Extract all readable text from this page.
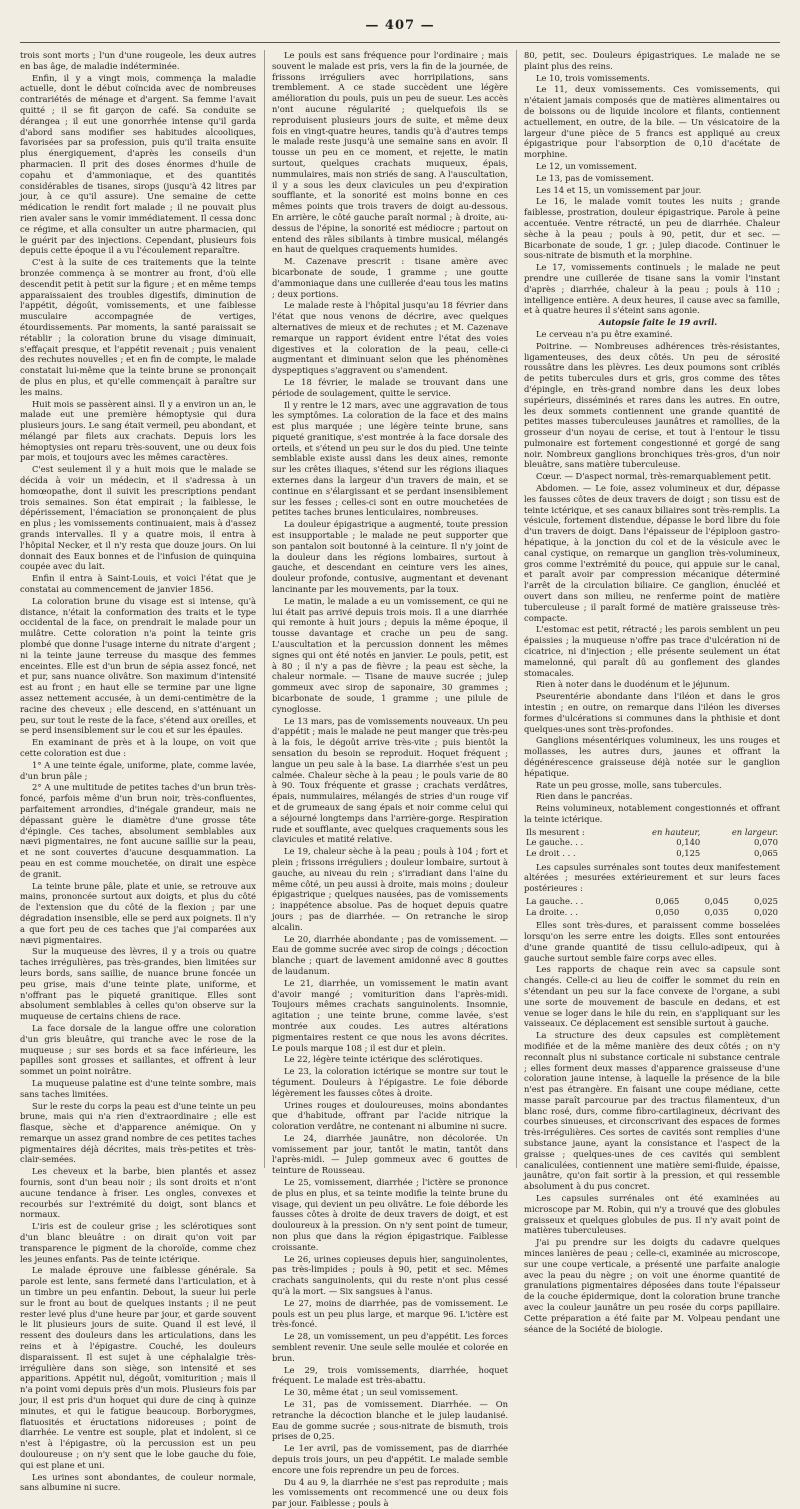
— 407 —

trois sont morts ; l'un d'une rougeole, les deux autres en bas âge, de maladie indéterminée.

Enfin, il y a vingt mois, commença la maladie actuelle, dont le début coïncida avec de nombreuses contrariétés de ménage et d'argent. Sa femme l'avait quitté ; il se fit garçon de café. Sa conduite se dérangea ; il eut une gonorrhée intense qu'il garda d'abord sans modifier ses habitudes alcooliques, favorisées par sa profession, puis qu'il traita ensuite plus énergiquement, d'après les conseils d'un pharmacien. Il prit des doses énormes d'huile de copahu et d'ammoniaque, et des quantités considérables de tisanes, sirops (jusqu'à 42 litres par jour, à ce qu'il assure). Une semaine de cette médication le rendit fort malade ; il ne pouvait plus rien avaler sans le vomir immédiatement. Il cessa donc ce régime, et alla consulter un autre pharmacien, qui le guérit par des injections. Cependant, plusieurs fois depuis cette époque il a vu l'écoulement reparaître.

C'est à la suite de ces traitements que la teinte bronzée commença à se montrer au front, d'où elle descendit petit à petit sur la figure ; et en même temps apparaissaient des troubles digestifs, diminution de l'appétit, dégoût, vomissements, et une faiblesse musculaire accompagnée de vertiges, étourdissements. Par moments, la santé paraissait se rétablir ; la coloration brune du visage diminuait, s'effaçait presque, et l'appétit revenait ; puis venaient des rechutes nouvelles ; et en fin de compte, le malade constatait lui-même que la teinte brune se prononçait de plus en plus, et qu'elle commençait à paraître sur les mains.

Huit mois se passèrent ainsi. Il y a environ un an, le malade eut une première hémoptysie qui dura plusieurs jours. Le sang était vermeil, peu abondant, et mélangé par filets aux crachats. Depuis lors les hémoptysies ont reparu très-souvent, une ou deux fois par mois, et toujours avec les mêmes caractères.

C'est seulement il y a huit mois que le malade se décida à voir un médecin, et il s'adressa à un homœopathe, dont il suivit les prescriptions pendant trois semaines. Son état empirait ; la faiblesse, le dépérissement, l'émaciation se prononçaient de plus en plus ; les vomissements continuaient, mais à d'assez grands intervalles. Il y a quatre mois, il entra à l'hôpital Necker, et il n'y resta que douze jours. On lui donnait des Eaux bonnes et de l'infusion de quinquina coupée avec du lait.

Enfin il entra à Saint-Louis, et voici l'état que je constatai au commencement de janvier 1856.

La coloration brune du visage est si intense, qu'à distance, n'était la conformation des traits et le type occidental de la face, on prendrait le malade pour un mulâtre. Cette coloration n'a point la teinte gris plombé que donne l'usage interne du nitrate d'argent ; ni la teinte jaune terreuse du masque des femmes enceintes. Elle est d'un brun de sépia assez foncé, net et pur, sans nuance olivâtre. Son maximum d'intensité est au front ; en haut elle se termine par une ligne assez nettement accusée, à un demi-centimètre de la racine des cheveux ; elle descend, en s'atténuant un peu, sur tout le reste de la face, s'étend aux oreilles, et se perd insensiblement sur le cou et sur les épaules.

En examinant de près et à la loupe, on voit que cette coloration est due :

1° A une teinte égale, uniforme, plate, comme lavée, d'un brun pâle ;

2° A une multitude de petites taches d'un brun très-foncé, parfois même d'un brun noir, très-confluentes, parfaitement arrondies, d'inégale grandeur, mais ne dépassant guère le diamètre d'une grosse tête d'épingle. Ces taches, absolument semblables aux nævi pigmentaires, ne font aucune saillie sur la peau, et ne sont couvertes d'aucune desquammation. La peau en est comme mouchetée, on dirait une espèce de granit.

La teinte brune pâle, plate et unie, se retrouve aux mains, prononcée surtout aux doigts, et plus du côté de l'extension que du côté de la flexion ; par une dégradation insensible, elle se perd aux poignets. Il n'y a que fort peu de ces taches que j'ai comparées aux nævi pigmentaires.

Sur la muqueuse des lèvres, il y a trois ou quatre taches irrégulières, pas très-grandes, bien limitées sur leurs bords, sans saillie, de nuance brune foncée un peu grise, mais d'une teinte plate, uniforme, et n'offrant pas le piqueté granitique. Elles sont absolument semblables à celles qu'on observe sur la muqueuse de certains chiens de race.

La face dorsale de la langue offre une coloration d'un gris bleuâtre, qui tranche avec le rose de la muqueuse ; sur ses bords et sa face inférieure, les papilles sont grosses et saillantes, et offrent à leur sommet un point noirâtre.

La muqueuse palatine est d'une teinte sombre, mais sans taches limitées.

Sur le reste du corps la peau est d'une teinte un peu brune, mais qui n'a rien d'extraordinaire ; elle est flasque, sèche et d'apparence anémique. On y remarque un assez grand nombre de ces petites taches pigmentaires déjà décrites, mais très-petites et très-clair-semées.

Les cheveux et la barbe, bien plantés et assez fournis, sont d'un beau noir ; ils sont droits et n'ont aucune tendance à friser. Les ongles, convexes et recourbés sur l'extrémité du doigt, sont blancs et normaux.

L'iris est de couleur grise ; les sclérotiques sont d'un blanc bleuâtre : on dirait qu'on voit par transparence le pigment de la choroïde, comme chez les jeunes enfants. Pas de teinte ictérique.

Le malade éprouve une faiblesse générale. Sa parole est lente, sans fermeté dans l'articulation, et à un timbre un peu enfantin. Debout, la sueur lui perle sur le front au bout de quelques instants ; il ne peut rester levé plus d'une heure par jour, et garde souvent le lit plusieurs jours de suite. Quand il est levé, il ressent des douleurs dans les articulations, dans les reins et à l'épigastre. Couché, les douleurs disparaissent. Il est sujet à une céphalalgie très-irrégulière dans son siège, son intensité et ses apparitions. Appétit nul, dégoût, vomiturition ; mais il n'a point vomi depuis près d'un mois. Plusieurs fois par jour, il est pris d'un hoquet qui dure de cinq à quinze minutes, et qui le fatigue beaucoup. Borborygmes, flatuosités et éructations nidoreuses ; point de diarrhée. Le ventre est souple, plat et indolent, si ce n'est à l'épigastre, où la percussion est un peu douloureuse ; on n'y sent que le lobe gauche du foie, qui est plane et uni.

Les urines sont abondantes, de couleur normale, sans albumine ni sucre.

Le pouls est sans fréquence pour l'ordinaire ; mais souvent le malade est pris, vers la fin de la journée, de frissons irréguliers avec horripilations, sans tremblement. A ce stade succèdent une légère amélioration du pouls, puis un peu de sueur. Les accès n'ont aucune régularité ; quelquefois ils se reproduisent plusieurs jours de suite, et même deux fois en vingt-quatre heures, tandis qu'à d'autres temps le malade reste jusqu'à une semaine sans en avoir. Il tousse un peu en ce moment, et rejette, le matin surtout, quelques crachats muqueux, épais, nummulaires, mais non striés de sang. A l'auscultation, il y a sous les deux clavicules un peu d'expiration soufflante, et la sonorité est moins bonne en ces mêmes points que trois travers de doigt au-dessous. En arrière, le côté gauche paraît normal ; à droite, au-dessus de l'épine, la sonorité est médiocre ; partout on entend des râles sibilants à timbre musical, mélangés en haut de quelques craquements humides.

M. Cazenave prescrit : tisane amère avec bicarbonate de soude, 1 gramme ; une goutte d'ammoniaque dans une cuillerée d'eau tous les matins ; deux portions.

Le malade reste à l'hôpital jusqu'au 18 février dans l'état que nous venons de décrire, avec quelques alternatives de mieux et de rechutes ; et M. Cazenave remarque un rapport évident entre l'état des voies digestives et la coloration de la peau, celle-ci augmentant et diminuant selon que les phénomènes dyspeptiques s'aggravent ou s'amendent.

Le 18 février, le malade se trouvant dans une période de soulagement, quitte le service.

Il y rentre le 12 mars, avec une aggravation de tous les symptômes. La coloration de la face et des mains est plus marquée ; une légère teinte brune, sans piqueté granitique, s'est montrée à la face dorsale des orteils, et s'étend un peu sur le dos du pied. Une teinte semblable existe aussi dans les deux aines, remonte sur les crêtes iliaques, s'étend sur les régions iliaques externes dans la largeur d'un travers de main, et se continue en s'élargissant et se perdant insensiblement sur les fesses ; celles-ci sont en outre mouchetées de petites taches brunes lenticulaires, nombreuses.

La douleur épigastrique a augmenté, toute pression est insupportable ; le malade ne peut supporter que son pantalon soit boutonné à la ceinture. Il n'y joint de la douleur dans les régions lombaires, surtout à gauche, et descendant en ceinture vers les aines, douleur profonde, contusive, augmentant et devenant lancinante par les mouvements, par la toux.

Le matin, le malade a eu un vomissement, ce qui ne lui était pas arrivé depuis trois mois. Il a une diarrhée qui remonte à huit jours ; depuis la même époque, il tousse davantage et crache un peu de sang. L'auscultation et la percussion donnent les mêmes signes qui ont été notés en janvier. Le pouls, petit, est à 80 ; il n'y a pas de fièvre ; la peau est sèche, la chaleur normale. — Tisane de mauve sucrée ; julep gommeux avec sirop de saponaire, 30 grammes ; bicarbonate de soude, 1 gramme ; une pilule de cynoglosse.

Le 13 mars, pas de vomissements nouveaux. Un peu d'appétit ; mais le malade ne peut manger que très-peu à la fois, le dégoût arrive très-vite ; puis bientôt la sensation du besoin se reproduit. Hoquet fréquent ; langue un peu sale à la base. La diarrhée s'est un peu calmée. Chaleur sèche à la peau ; le pouls varie de 80 à 90. Toux fréquente et grasse ; crachats verdâtres, épais, nummulaires, mélangés de stries d'un rouge vif et de grumeaux de sang épais et noir comme celui qui a séjourné longtemps dans l'arrière-gorge. Respiration rude et soufflante, avec quelques craquements sous les clavicules et matité relative.

Le 19, chaleur sèche à la peau ; pouls à 104 ; fort et plein ; frissons irréguliers ; douleur lombaire, surtout à gauche, au niveau du rein ; s'irradiant dans l'aine du même côté, un peu aussi à droite, mais moins ; douleur épigastrique ; quelques nausées, pas de vomissements ; inappétence absolue. Pas de hoquet depuis quatre jours ; pas de diarrhée. — On retranche le sirop alcalin.

Le 20, diarrhée abondante ; pas de vomissement. — Eau de gomme sucrée avec sirop de coings ; décoction blanche ; quart de lavement amidonné avec 8 gouttes de laudanum.

Le 21, diarrhée, un vomissement le matin avant d'avoir mangé ; vomiturition dans l'après-midi. Toujours mêmes crachats sanguinolents. Insomnie, agitation ; une teinte brune, comme lavée, s'est montrée aux coudes. Les autres altérations pigmentaires restent ce que nous les avons décrites. Le pouls marque 108 ; il est dur et plein.

Le 22, légère teinte ictérique des sclérotiques.

Le 23, la coloration ictérique se montre sur tout le tégument. Douleurs à l'épigastre. Le foie déborde légèrement les fausses côtes à droite.

Urines rouges et douloureuses, moins abondantes que d'habitude, offrant par l'acide nitrique la coloration verdâtre, ne contenant ni albumine ni sucre.

Le 24, diarrhée jaunâtre, non décolorée. Un vomissement par jour, tantôt le matin, tantôt dans l'après-midi. — Julep gommeux avec 6 gouttes de teinture de Rousseau.

Le 25, vomissement, diarrhée ; l'ictère se prononce de plus en plus, et sa teinte modifie la teinte brune du visage, qui devient un peu olivâtre. Le foie déborde les fausses côtes à droite de deux travers de doigt, et est douloureux à la pression. On n'y sent point de tumeur, non plus que dans la région épigastrique. Faiblesse croissante.

Le 26, urines copieuses depuis hier, sanguinolentes, pas très-limpides ; pouls à 90, petit et sec. Mêmes crachats sanguinolents, qui du reste n'ont plus cessé qu'à la mort. — Six sangsues à l'anus.

Le 27, moins de diarrhée, pas de vomissement. Le pouls est un peu plus large, et marque 96. L'ictère est très-foncé.

Le 28, un vomissement, un peu d'appétit. Les forces semblent revenir. Une seule selle moulée et colorée en brun.

Le 29, trois vomissements, diarrhée, hoquet fréquent. Le malade est très-abattu.

Le 30, même état ; un seul vomissement.

Le 31, pas de vomissement. Diarrhée. — On retranche la décoction blanche et le julep laudanisé. Eau de gomme sucrée ; sous-nitrate de bismuth, trois prises de 0,25.

Le 1er avril, pas de vomissement, pas de diarrhée depuis trois jours, un peu d'appétit. Le malade semble encore une fois reprendre un peu de forces.

Du 4 au 9, la diarrhée ne s'est pas reproduite ; mais les vomissements ont recommencé une ou deux fois par jour. Faiblesse ; pouls à

80, petit, sec. Douleurs épigastriques. Le malade ne se plaint plus des reins.

Le 10, trois vomissements.

Le 11, deux vomissements. Ces vomissements, qui n'étaient jamais composés que de matières alimentaires ou de boissons ou de liquide incolore et filants, contiennent actuellement, en outre, de la bile. — Un vésicatoire de la largeur d'une pièce de 5 francs est appliqué au creux épigastrique pour l'absorption de 0,10 d'acétate de morphine.

Le 12, un vomissement.

Le 13, pas de vomissement.

Les 14 et 15, un vomissement par jour.

Le 16, le malade vomit toutes les nuits ; grande faiblesse, prostration, douleur épigastrique. Parole à peine accentuée. Ventre rétracté, un peu de diarrhée. Chaleur sèche à la peau ; pouls à 90, petit, dur et sec. — Bicarbonate de soude, 1 gr. ; julep diacode. Continuer le sous-nitrate de bismuth et la morphine.

Le 17, vomissements continuels ; le malade ne peut prendre une cuillerée de tisane sans la vomir l'instant d'après ; diarrhée, chaleur à la peau ; pouls à 110 ; intelligence entière. A deux heures, il cause avec sa famille, et à quatre heures il s'éteint sans agonie.

Autopsie faite le 19 avril.

Le cerveau n'a pu être examiné.

Poitrine. — Nombreuses adhérences très-résistantes, ligamenteuses, des deux côtés. Un peu de sérosité roussâtre dans les plèvres. Les deux poumons sont criblés de petits tubercules durs et gris, gros comme des têtes d'épingle, en très-grand nombre dans les deux lobes supérieurs, disséminés et rares dans les autres. En outre, les deux sommets contiennent une grande quantité de petites masses tuberculeuses jaunâtres et ramollies, de la grosseur d'un noyau de cerise, et tout à l'entour le tissu pulmonaire est fortement congestionné et gorgé de sang noir. Nombreux ganglions bronchiques très-gros, d'un noir bleuâtre, sans matière tuberculeuse.

Cœur. — D'aspect normal, très-remarquablement petit.

Abdomen. — Le foie, assez volumineux et dur, dépasse les fausses côtes de deux travers de doigt ; son tissu est de teinte ictérique, et ses canaux biliaires sont très-remplis. La vésicule, fortement distendue, dépasse le bord libre du foie d'un travers de doigt. Dans l'épaisseur de l'épiploon gastro-hépatique, à la jonction du col et de la vésicule avec le canal cystique, on remarque un ganglion très-volumineux, gros comme l'extrémité du pouce, qui appuie sur le canal, et paraît avoir par compression mécanique déterminé l'arrêt de la circulation biliaire. Ce ganglion, énucléé et ouvert dans son milieu, ne renferme point de matière tuberculeuse ; il paraît formé de matière graisseuse très-compacte.

L'estomac est petit, rétracté ; les parois semblent un peu épaissies ; la muqueuse n'offre pas trace d'ulcération ni de cicatrice, ni d'injection ; elle présente seulement un état mamelonné, qui paraît dû au gonflement des glandes stomacales.

Rien à noter dans le duodénum et le jéjunum.

Pseurentérie abondante dans l'iléon et dans le gros intestin ; en outre, on remarque dans l'iléon les diverses formes d'ulcérations si communes dans la phthisie et dont quelques-unes sont très-profondes.

Ganglions mésentériques volumineux, les uns rouges et mollasses, les autres durs, jaunes et offrant la dégénérescence graisseuse déjà notée sur le ganglion hépatique.

Rate un peu grosse, molle, sans tubercules.

Rien dans le pancréas.

Reins volumineux, notablement congestionnés et offrant la teinte ictérique.

Ils mesurent :	en hauteur,	en largeur.
Le gauche. . .	0,140	0,070
Le droit . . .	0,125	0,065

Les capsules surrénales sont toutes deux manifestement altérées ; mesurées extérieurement et sur leurs faces postérieures :

La gauche. . .	0,065	0,045	0,025
La droite. . .	0,050	0,035	0,020

Elles sont très-dures, et paraissent comme bosselées lorsqu'on les serre entre les doigts. Elles sont entourées d'une grande quantité de tissu cellulo-adipeux, qui à gauche surtout semble faire corps avec elles.

Les rapports de chaque rein avec sa capsule sont changés. Celle-ci au lieu de coiffer le sommet du rein en s'étendant un peu sur la face convexe de l'organe, a subi une sorte de mouvement de bascule en dedans, et est venue se loger dans le hile du rein, en s'appliquant sur les vaisseaux. Ce déplacement est sensible surtout à gauche.

La structure des deux capsules est complètement modifiée et de la même manière des deux côtés ; on n'y reconnaît plus ni substance corticale ni substance centrale ; elles forment deux masses d'apparence graisseuse d'une coloration jaune intense, à laquelle la présence de la bile n'est pas étrangère. En faisant une coupe médiane, cette masse paraît parcourue par des tractus filamenteux, d'un blanc rosé, durs, comme fibro-cartilagineux, décrivant des courbes sinueuses, et circonscrivant des espaces de formes très-irrégulières. Ces sortes de cavités sont remplies d'une substance jaune, ayant la consistance et l'aspect de la graisse ; quelques-unes de ces cavités qui semblent canaliculées, contiennent une matière semi-fluide, épaisse, jaunâtre, qu'on fait sortir à la pression, et qui ressemble absolument à du pus concret.

Les capsules surrénales ont été examinées au microscope par M. Robin, qui n'y a trouvé que des globules graisseux et quelques globules de pus. Il n'y avait point de matières tuberculeuses.

J'ai pu prendre sur les doigts du cadavre quelques minces lanières de peau ; celle-ci, examinée au microscope, sur une coupe verticale, a présenté une parfaite analogie avec la peau du nègre ; on voit une énorme quantité de granulations pigmentaires déposées dans toute l'épaisseur de la couche épidermique, dont la coloration brune tranche avec la couleur jaunâtre un peu rosée du corps papillaire. Cette préparation a été faite par M. Volpeau pendant une séance de la Société de biologie.
